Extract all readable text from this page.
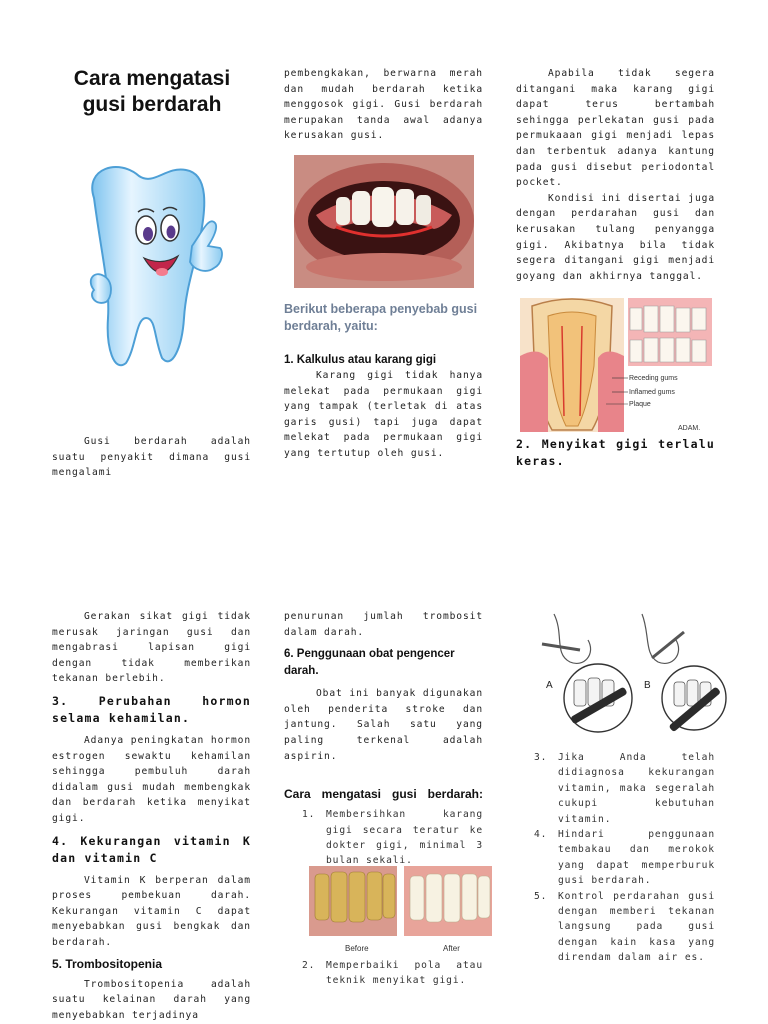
Cara mengatasi gusi berdarah

Gusi berdarah adalah suatu penyakit dimana gusi mengalami

pembengkakan, berwarna merah dan mudah berdarah ketika menggosok gigi. Gusi berdarah merupakan tanda awal adanya kerusakan gusi.

Berikut beberapa penyebab gusi berdarah, yaitu:
1. Kalkulus atau karang gigi

Karang gigi tidak hanya melekat pada permukaan gigi yang tampak (terletak di atas garis gusi) tapi juga dapat melekat pada permukaan gigi yang tertutup oleh gusi.

Apabila tidak segera ditangani maka karang gigi dapat terus bertambah sehingga perlekatan gusi pada permukaaan gigi menjadi lepas dan terbentuk adanya kantung pada gusi disebut periodontal pocket.

Kondisi ini disertai juga dengan perdarahan gusi dan kerusakan tulang penyangga gigi. Akibatnya bila tidak segera ditangani gigi menjadi goyang dan akhirnya tanggal.

Receding gums
Inflamed gums
Plaque
ADAM.
2. Menyikat gigi terlalu keras.

Gerakan sikat gigi tidak merusak jaringan gusi dan mengabrasi lapisan gigi dengan tidak memberikan tekanan berlebih.

3. Perubahan hormon selama kehamilan.

Adanya peningkatan hormon estrogen sewaktu kehamilan sehingga pembuluh darah didalam gusi mudah membengkak dan berdarah ketika menyikat gigi.

4. Kekurangan vitamin K dan vitamin C

Vitamin K berperan dalam proses pembekuan darah. Kekurangan vitamin C dapat menyebabkan gusi bengkak dan berdarah.

5. Trombositopenia

Trombositopenia adalah suatu kelainan darah yang menyebabkan terjadinya

penurunan jumlah trombosit dalam darah.

6. Penggunaan obat pengencer darah.

Obat ini banyak digunakan oleh penderita stroke dan jantung. Salah satu yang paling terkenal adalah aspirin.

Cara mengatasi gusi berdarah:
1. Membersihkan karang gigi secara teratur ke dokter gigi, minimal 3 bulan sekali.
Before	After
2. Memperbaiki pola atau teknik menyikat gigi.
A	B
3. Jika Anda telah didiagnosa kekurangan vitamin, maka segeralah cukupi kebutuhan vitamin.
4. Hindari penggunaan tembakau dan merokok yang dapat memperburuk gusi berdarah.
5. Kontrol perdarahan gusi dengan memberi tekanan langsung pada gusi dengan kain kasa yang direndam dalam air es.
